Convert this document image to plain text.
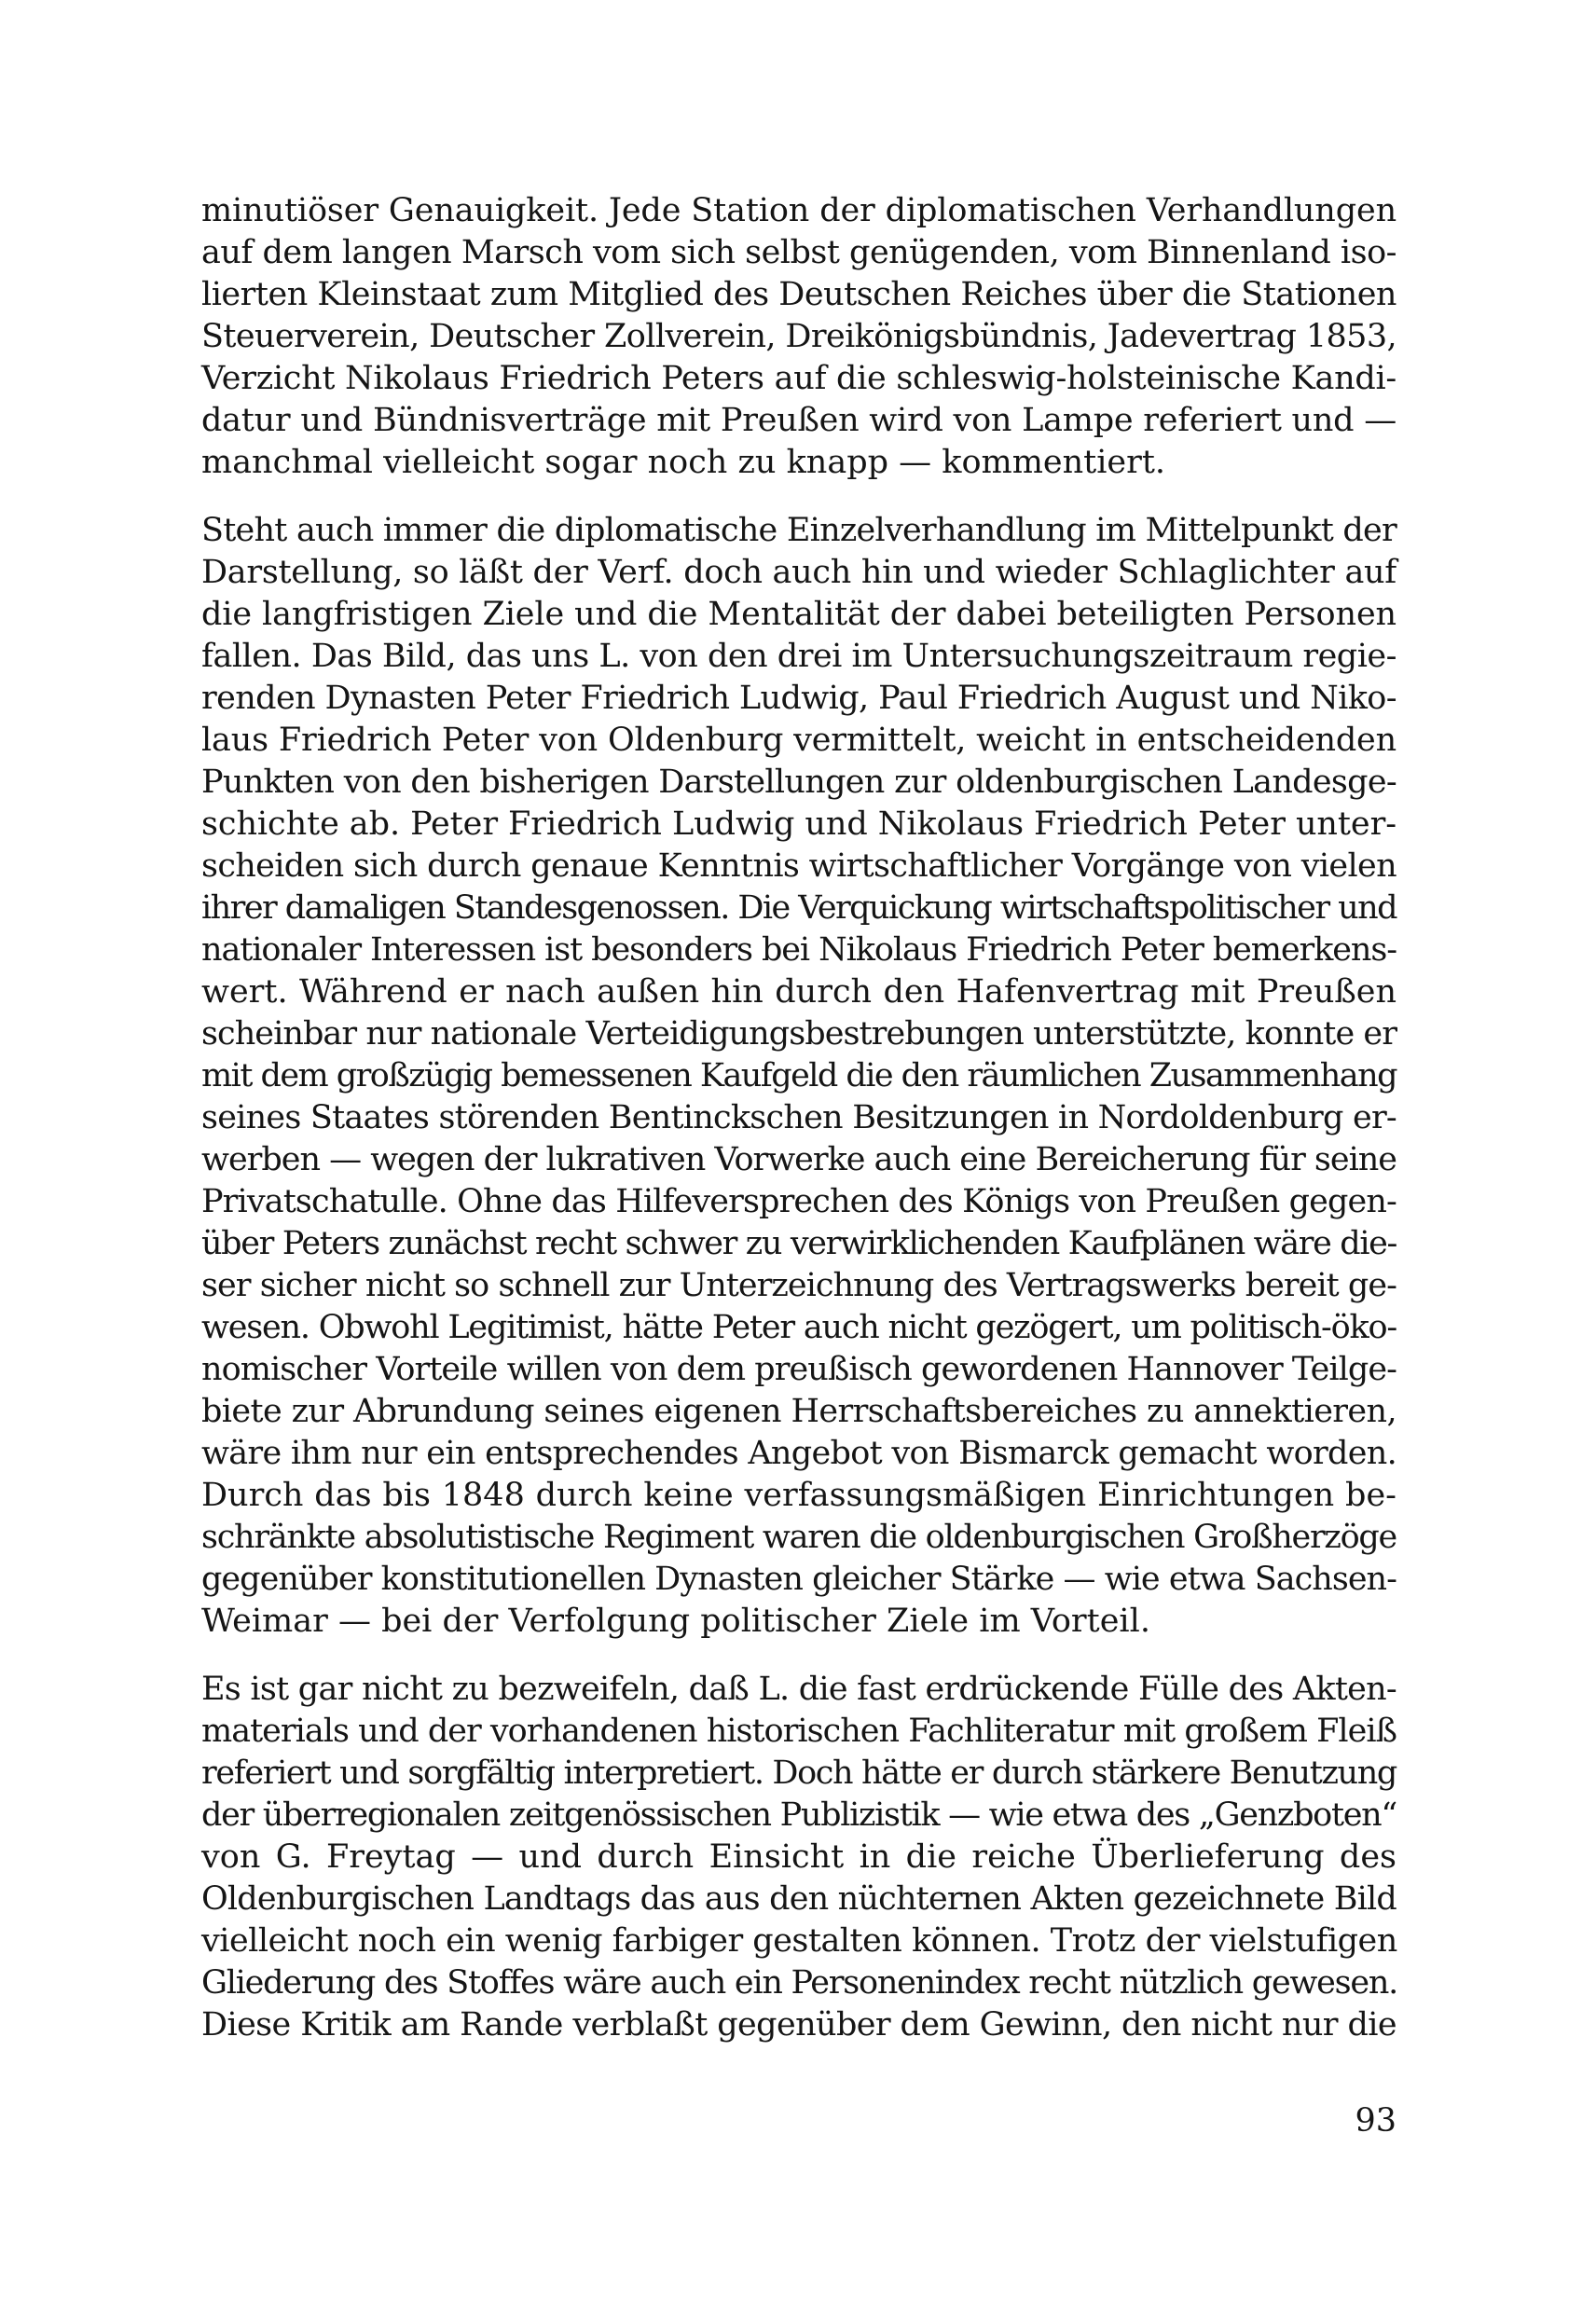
minutiöser Genauigkeit. Jede Station der diplomatischen Verhandlungen
auf dem langen Marsch vom sich selbst genügenden, vom Binnenland iso-
lierten Kleinstaat zum Mitglied des Deutschen Reiches über die Stationen
Steuerverein, Deutscher Zollverein, Dreikönigsbündnis, Jadevertrag 1853,
Verzicht Nikolaus Friedrich Peters auf die schleswig-holsteinische Kandi-
datur und Bündnisverträge mit Preußen wird von Lampe referiert und —
manchmal vielleicht sogar noch zu knapp — kommentiert.
Steht auch immer die diplomatische Einzelverhandlung im Mittelpunkt der
Darstellung, so läßt der Verf. doch auch hin und wieder Schlaglichter auf
die langfristigen Ziele und die Mentalität der dabei beteiligten Personen
fallen. Das Bild, das uns L. von den drei im Untersuchungszeitraum regie-
renden Dynasten Peter Friedrich Ludwig, Paul Friedrich August und Niko-
laus Friedrich Peter von Oldenburg vermittelt, weicht in entscheidenden
Punkten von den bisherigen Darstellungen zur oldenburgischen Landesge-
schichte ab. Peter Friedrich Ludwig und Nikolaus Friedrich Peter unter-
scheiden sich durch genaue Kenntnis wirtschaftlicher Vorgänge von vielen
ihrer damaligen Standesgenossen. Die Verquickung wirtschaftspolitischer und
nationaler Interessen ist besonders bei Nikolaus Friedrich Peter bemerkens-
wert. Während er nach außen hin durch den Hafenvertrag mit Preußen
scheinbar nur nationale Verteidigungsbestrebungen unterstützte, konnte er
mit dem großzügig bemessenen Kaufgeld die den räumlichen Zusammenhang
seines Staates störenden Bentinckschen Besitzungen in Nordoldenburg er-
werben — wegen der lukrativen Vorwerke auch eine Bereicherung für seine
Privatschatulle. Ohne das Hilfeversprechen des Königs von Preußen gegen-
über Peters zunächst recht schwer zu verwirklichenden Kaufplänen wäre die-
ser sicher nicht so schnell zur Unterzeichnung des Vertragswerks bereit ge-
wesen. Obwohl Legitimist, hätte Peter auch nicht gezögert, um politisch-öko-
nomischer Vorteile willen von dem preußisch gewordenen Hannover Teilge-
biete zur Abrundung seines eigenen Herrschaftsbereiches zu annektieren,
wäre ihm nur ein entsprechendes Angebot von Bismarck gemacht worden.
Durch das bis 1848 durch keine verfassungsmäßigen Einrichtungen be-
schränkte absolutistische Regiment waren die oldenburgischen Großherzöge
gegenüber konstitutionellen Dynasten gleicher Stärke — wie etwa Sachsen-
Weimar — bei der Verfolgung politischer Ziele im Vorteil.
Es ist gar nicht zu bezweifeln, daß L. die fast erdrückende Fülle des Akten-
materials und der vorhandenen historischen Fachliteratur mit großem Fleiß
referiert und sorgfältig interpretiert. Doch hätte er durch stärkere Benutzung
der überregionalen zeitgenössischen Publizistik — wie etwa des „Genzboten“
von G. Freytag — und durch Einsicht in die reiche Überlieferung des
Oldenburgischen Landtags das aus den nüchternen Akten gezeichnete Bild
vielleicht noch ein wenig farbiger gestalten können. Trotz der vielstufigen
Gliederung des Stoffes wäre auch ein Personenindex recht nützlich gewesen.
Diese Kritik am Rande verblaßt gegenüber dem Gewinn, den nicht nur die
93
